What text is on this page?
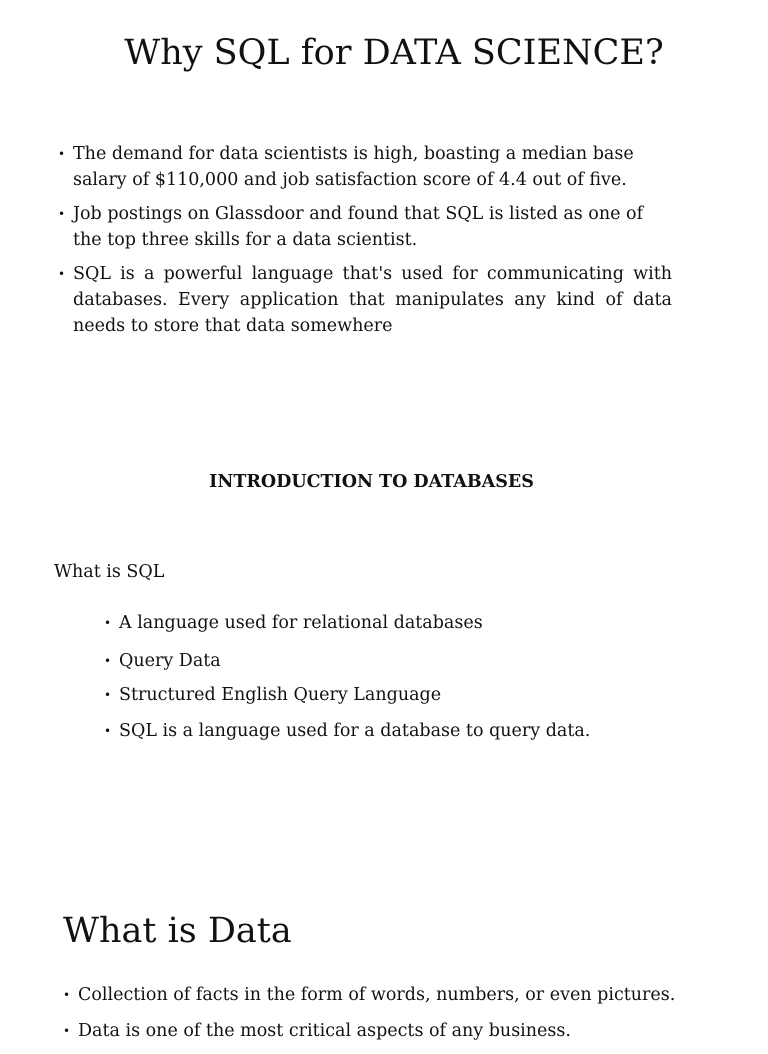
Why SQL for DATA SCIENCE?
• The demand for data scientists is high, boasting a median base salary of $110,000 and job satisfaction score of 4.4 out of five.
• Job postings on Glassdoor and found that SQL is listed as one of the top three skills for a data scientist.
• SQL is a powerful language that's used for communicating with databases. Every application that manipulates any kind of data needs to store that data somewhere
INTRODUCTION TO DATABASES

What is SQL

• A language used for relational databases
• Query Data
• Structured English Query Language
• SQL is a language used for a database to query data.
What is Data
• Collection of facts in the form of words, numbers, or even pictures.
• Data is one of the most critical aspects of any business.
